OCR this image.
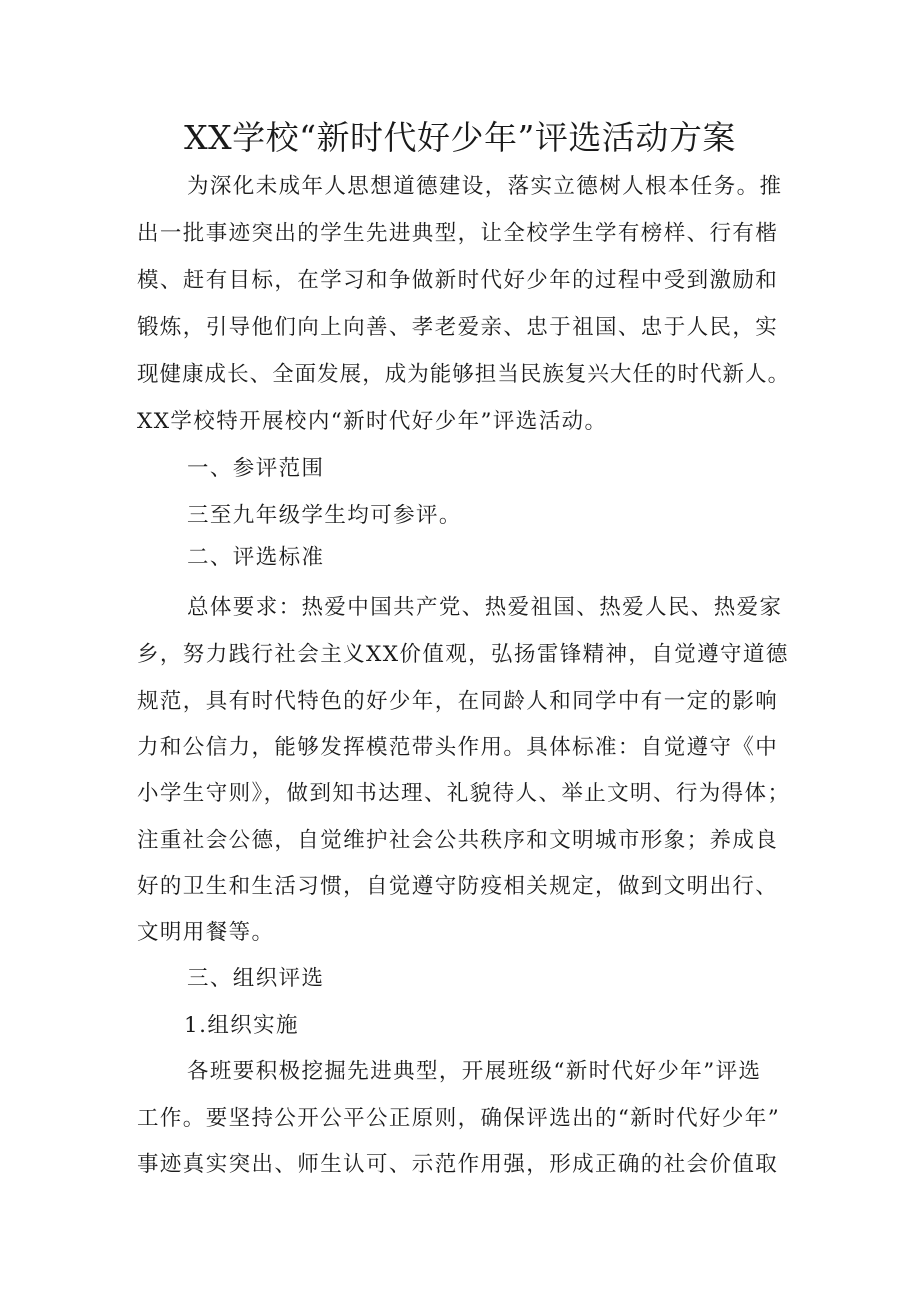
XX学校“新时代好少年”评选活动方案
为深化未成年人思想道德建设，落实立德树人根本任务。推
出一批事迹突出的学生先进典型，让全校学生学有榜样、行有楷
模、赶有目标，在学习和争做新时代好少年的过程中受到激励和
锻炼，引导他们向上向善、孝老爱亲、忠于祖国、忠于人民，实
现健康成长、全面发展，成为能够担当民族复兴大任的时代新人。
XX学校特开展校内“新时代好少年”评选活动。
一、参评范围
三至九年级学生均可参评。
二、评选标准
总体要求：热爱中国共产党、热爱祖国、热爱人民、热爱家
乡，努力践行社会主义XX价值观，弘扬雷锋精神，自觉遵守道德
规范，具有时代特色的好少年，在同龄人和同学中有一定的影响
力和公信力，能够发挥模范带头作用。具体标准：自觉遵守《中
小学生守则》，做到知书达理、礼貌待人、举止文明、行为得体；
注重社会公德，自觉维护社会公共秩序和文明城市形象；养成良
好的卫生和生活习惯，自觉遵守防疫相关规定，做到文明出行、
文明用餐等。
三、组织评选
1.组织实施
各班要积极挖掘先进典型，开展班级“新时代好少年”评选
工作。要坚持公开公平公正原则，确保评选出的“新时代好少年”
事迹真实突出、师生认可、示范作用强，形成正确的社会价值取
